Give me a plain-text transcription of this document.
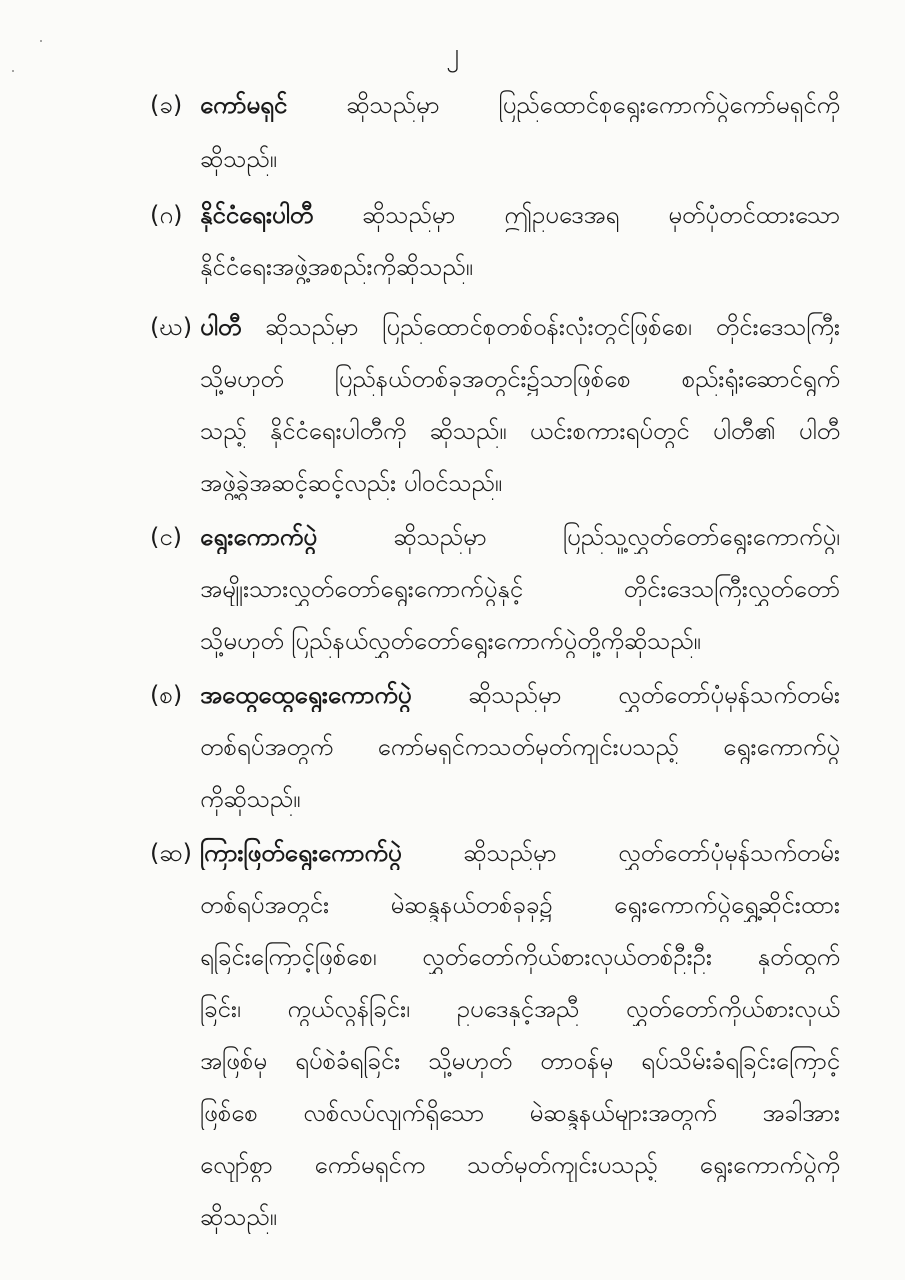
၂
(ခ) ကော်မရှင် ဆိုသည်မှာ ပြည်ထောင်စုရွေးကောက်ပွဲကော်မရှင်ကို
ဆိုသည်။
(ဂ) နိုင်ငံရေးပါတီ ဆိုသည်မှာ ဤဥပဒေအရ မှတ်ပုံတင်ထားသော
နိုင်ငံရေးအဖွဲ့အစည်းကိုဆိုသည်။
(ဃ) ပါတီ ဆိုသည်မှာ ပြည်ထောင်စုတစ်ဝန်းလုံးတွင်ဖြစ်စေ၊ တိုင်းဒေသကြီး
သို့မဟုတ် ပြည်နယ်တစ်ခုအတွင်း၌သာဖြစ်စေ စည်းရုံးဆောင်ရွက်
သည့် နိုင်ငံရေးပါတီကို ဆိုသည်။ ယင်းစကားရပ်တွင် ပါတီ၏ ပါတီ
အဖွဲ့ခွဲအဆင့်ဆင့်လည်း ပါဝင်သည်။
(င) ရွေးကောက်ပွဲ	ဆိုသည်မှာ ပြည်သူ့လွှတ်တော်ရွေးကောက်ပွဲ၊
အမျိုးသားလွှတ်တော်ရွေးကောက်ပွဲနှင့် တိုင်းဒေသကြီးလွှတ်တော်
သို့မဟုတ် ပြည်နယ်လွှတ်တော်ရွေးကောက်ပွဲတို့ကိုဆိုသည်။
(စ) အထွေထွေရွေးကောက်ပွဲ ဆိုသည်မှာ လွှတ်တော်ပုံမှန်သက်တမ်း
တစ်ရပ်အတွက် ကော်မရှင်ကသတ်မှတ်ကျင်းပသည့် ရွေးကောက်ပွဲ
ကိုဆိုသည်။
(ဆ) ကြားဖြတ်ရွေးကောက်ပွဲ	ဆိုသည်မှာ လွှတ်တော်ပုံမှန်သက်တမ်း
တစ်ရပ်အတွင်း မဲဆန္ဒနယ်တစ်ခုခု၌ ရွေးကောက်ပွဲရွှေ့ဆိုင်းထား
ရခြင်းကြောင့်ဖြစ်စေ၊ လွှတ်တော်ကိုယ်စားလှယ်တစ်ဦးဦး နုတ်ထွက်
ခြင်း၊ ကွယ်လွန်ခြင်း၊ ဥပဒေနှင့်အညီ လွှတ်တော်ကိုယ်စားလှယ်
အဖြစ်မှ ရပ်စဲခံရခြင်း သို့မဟုတ် တာဝန်မှ ရပ်သိမ်းခံရခြင်းကြောင့်
ဖြစ်စေ လစ်လပ်လျက်ရှိသော မဲဆန္ဒနယ်များအတွက် အခါအား
လျော်စွာ ကော်မရှင်က သတ်မှတ်ကျင်းပသည့် ရွေးကောက်ပွဲကို
ဆိုသည်။
